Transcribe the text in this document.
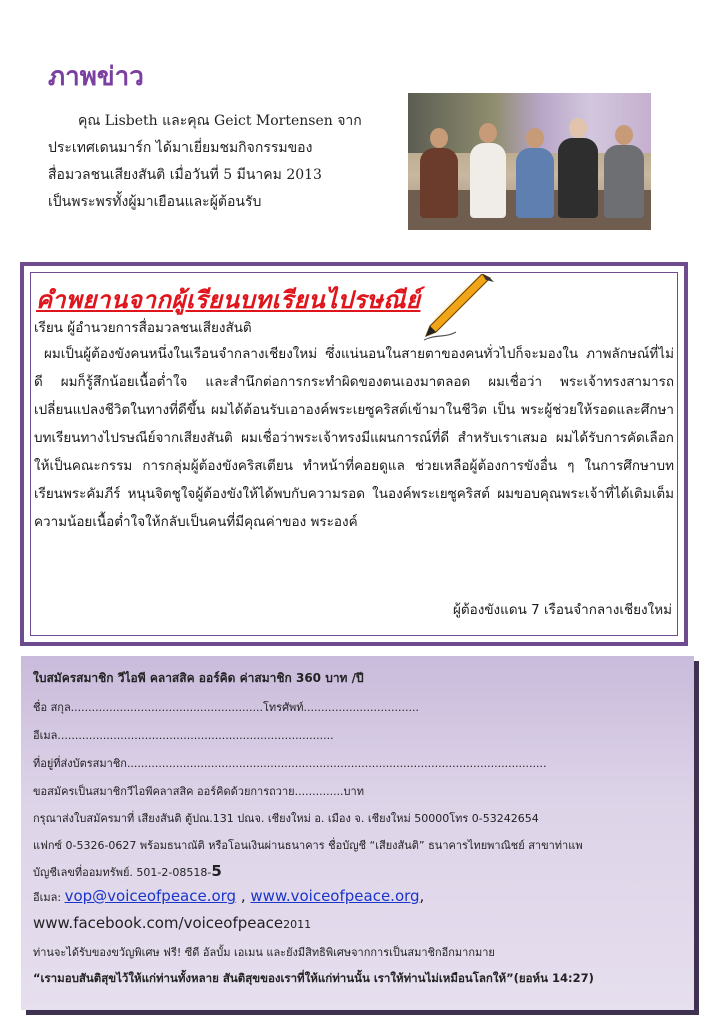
ภาพข่าว
คุณ Lisbeth และคุณ Geict Mortensen จาก
ประเทศเดนมาร์ก ได้มาเยี่ยมชมกิจกรรมของ
สื่อมวลชนเสียงสันติ เมื่อวันที่ 5 มีนาคม 2013
เป็นพระพรทั้งผู้มาเยือนและผู้ต้อนรับ
คำพยานจากผู้เรียนบทเรียนไปรษณีย์
เรียน ผู้อำนวยการสื่อมวลชนเสียงสันติ
ผมเป็นผู้ต้องขังคนหนึ่งในเรือนจำกลางเชียงใหม่ ซึ่งแน่นอนในสายตาของคนทั่วไปก็จะมองใน ภาพลักษณ์ที่ไม่ดี ผมก็รู้สึกน้อยเนื้อต่ำใจ และสำนึกต่อการกระทำผิดของตนเองมาตลอด ผมเชื่อว่า พระเจ้าทรงสามารถเปลี่ยนแปลงชีวิตในทางที่ดีขึ้น ผมได้ต้อนรับเอาองค์พระเยซูคริสต์เข้ามาในชีวิต เป็น พระผู้ช่วยให้รอดและศึกษาบทเรียนทางไปรษณีย์จากเสียงสันติ ผมเชื่อว่าพระเจ้าทรงมีแผนการณ์ที่ดี สำหรับเราเสมอ ผมได้รับการคัดเลือกให้เป็นคณะกรรม การกลุ่มผู้ต้องขังคริสเตียน ทำหน้าที่คอยดูแล ช่วยเหลือผู้ต้องการขังอื่น ๆ ในการศึกษาบทเรียนพระคัมภีร์ หนุนจิตชูใจผู้ต้องขังให้ได้พบกับความรอด ในองค์พระเยซูคริสต์ ผมขอบคุณพระเจ้าที่ได้เติมเต็มความน้อยเนื้อต่ำใจให้กลับเป็นคนที่มีคุณค่าของ พระองค์
ผู้ต้องขังแดน 7 เรือนจำกลางเชียงใหม่
ใบสมัครสมาชิก วีไอพี คลาสสิค ออร์คิด ค่าสมาชิก 360 บาท /ปี
ชื่อ สกุล.......................................................โทรศัพท์.................................
อีเมล...............................................................................
ที่อยู่ที่ส่งบัตรสมาชิก........................................................................................................................
ขอสมัครเป็นสมาชิกวีไอพีคลาสสิค ออร์คิดด้วยการถวาย..............บาท
กรุณาส่งใบสมัครมาที่ เสียงสันติ ตู้ปณ.131 ปณจ. เชียงใหม่ อ. เมือง จ. เชียงใหม่ 50000โทร 0-53242654
แฟกซ์ 0-5326-0627 พร้อมธนาณัติ หรือโอนเงินผ่านธนาคาร ชื่อบัญชี “เสียงสันติ” ธนาคารไทยพาณิชย์ สาขาท่าแพ
บัญชีเลขที่ออมทรัพย์. 501-2-08518-5
อีเมล: vop@voiceofpeace.org , www.voiceofpeace.org,
www.facebook.com/voiceofpeace2011
ท่านจะได้รับของขวัญพิเศษ ฟรี! ซีดี อัลบั้ม เอเมน และยังมีสิทธิพิเศษจากการเป็นสมาชิกอีกมากมาย
“เรามอบสันติสุขไว้ให้แก่ท่านทั้งหลาย สันติสุขของเราที่ให้แก่ท่านนั้น เราให้ท่านไม่เหมือนโลกให้”(ยอห์น 14:27)
